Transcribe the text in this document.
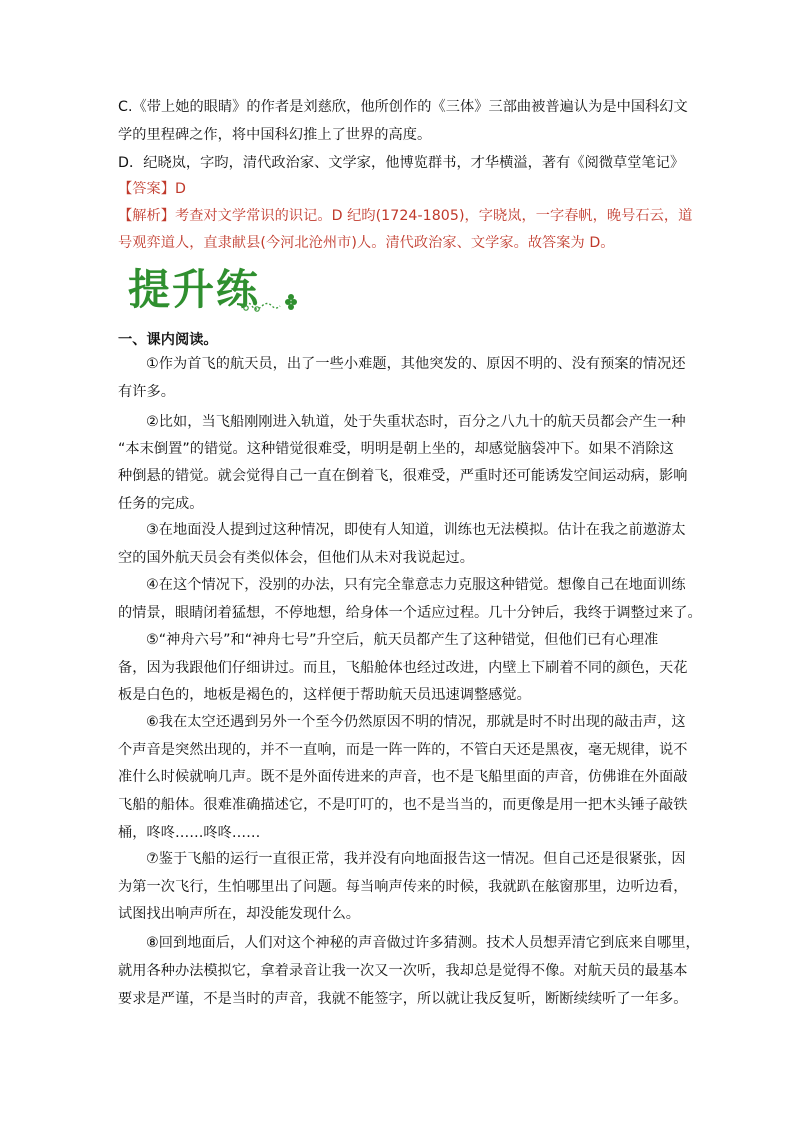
C.《带上她的眼睛》的作者是刘慈欣，他所创作的《三体》三部曲被普遍认为是中国科幻文
学的里程碑之作，将中国科幻推上了世界的高度。
D．纪晓岚，字昀，清代政治家、文学家，他博览群书，才华横溢，著有《阅微草堂笔记》
【答案】D
【解析】考查对文学常识的识记。D 纪昀(1724-1805)，字晓岚，一字春帆，晚号石云，道
号观弈道人，直隶献县(今河北沧州市)人。清代政治家、文学家。故答案为 D。
提升练
一、课内阅读。
①作为首飞的航天员，出了一些小难题，其他突发的、原因不明的、没有预案的情况还
有许多。
②比如，当飞船刚刚进入轨道，处于失重状态时，百分之八九十的航天员都会产生一种
“本末倒置”的错觉。这种错觉很难受，明明是朝上坐的，却感觉脑袋冲下。如果不消除这
种倒悬的错觉。就会觉得自己一直在倒着飞，很难受，严重时还可能诱发空间运动病，影响
任务的完成。
③在地面没人提到过这种情况，即使有人知道，训练也无法模拟。估计在我之前遨游太
空的国外航天员会有类似体会，但他们从未对我说起过。
④在这个情况下，没别的办法，只有完全靠意志力克服这种错觉。想像自己在地面训练
的情景，眼睛闭着猛想，不停地想，给身体一个适应过程。几十分钟后，我终于调整过来了。
⑤“神舟六号”和“神舟七号”升空后，航天员都产生了这种错觉，但他们已有心理准
备，因为我跟他们仔细讲过。而且，飞船舱体也经过改进，内壁上下刷着不同的颜色，天花
板是白色的，地板是褐色的，这样便于帮助航天员迅速调整感觉。
⑥我在太空还遇到另外一个至今仍然原因不明的情况，那就是时不时出现的敲击声，这
个声音是突然出现的，并不一直响，而是一阵一阵的，不管白天还是黑夜，毫无规律，说不
准什么时候就响几声。既不是外面传进来的声音，也不是飞船里面的声音，仿佛谁在外面敲
飞船的船体。很难准确描述它，不是叮叮的，也不是当当的，而更像是用一把木头锤子敲铁
桶，咚咚……咚咚……
⑦鉴于飞船的运行一直很正常，我并没有向地面报告这一情况。但自己还是很紧张，因
为第一次飞行，生怕哪里出了问题。每当响声传来的时候，我就趴在舷窗那里，边听边看，
试图找出响声所在，却没能发现什么。
⑧回到地面后，人们对这个神秘的声音做过许多猜测。技术人员想弄清它到底来自哪里，
就用各种办法模拟它，拿着录音让我一次又一次听，我却总是觉得不像。对航天员的最基本
要求是严谨，不是当时的声音，我就不能签字，所以就让我反复听，断断续续听了一年多。
